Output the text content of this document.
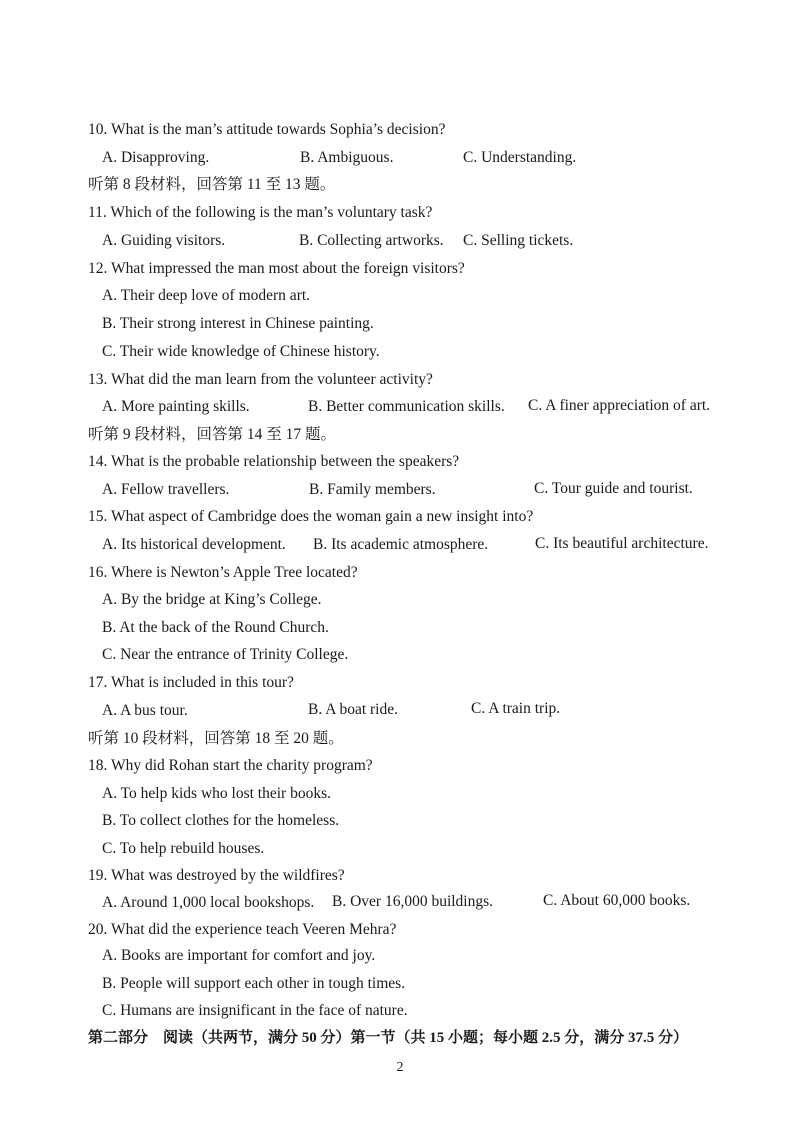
10. What is the man’s attitude towards Sophia’s decision?
A. Disapproving.	B. Ambiguous.	C. Understanding.
听第 8 段材料，回答第 11 至 13 题。
11. Which of the following is the man’s voluntary task?
A. Guiding visitors.	B. Collecting artworks. C. Selling tickets.
12. What impressed the man most about the foreign visitors?
A. Their deep love of modern art.
B. Their strong interest in Chinese painting.
C. Their wide knowledge of Chinese history.
13. What did the man learn from the volunteer activity?
A. More painting skills.	B. Better communication skills. C. A finer appreciation of art.
听第 9 段材料，回答第 14 至 17 题。
14. What is the probable relationship between the speakers?
A. Fellow travellers.	B. Family members.	C. Tour guide and tourist.
15. What aspect of Cambridge does the woman gain a new insight into?
A. Its historical development. B. Its academic atmosphere.	C. Its beautiful architecture.
16. Where is Newton’s Apple Tree located?
A. By the bridge at King’s College.
B. At the back of the Round Church.
C. Near the entrance of Trinity College.
17. What is included in this tour?
A. A bus tour.	B. A boat ride.	C. A train trip.
听第 10 段材料，回答第 18 至 20 题。
18. Why did Rohan start the charity program?
A. To help kids who lost their books.
B. To collect clothes for the homeless.
C. To help rebuild houses.
19. What was destroyed by the wildfires?
A. Around 1,000 local bookshops. B. Over 16,000 buildings.	C. About 60,000 books.
20. What did the experience teach Veeren Mehra?
A. Books are important for comfort and joy.
B. People will support each other in tough times.
C. Humans are insignificant in the face of nature.
第二部分　阅读（共两节，满分 50 分）第一节（共 15 小题；每小题 2.5 分，满分 37.5 分）
2
